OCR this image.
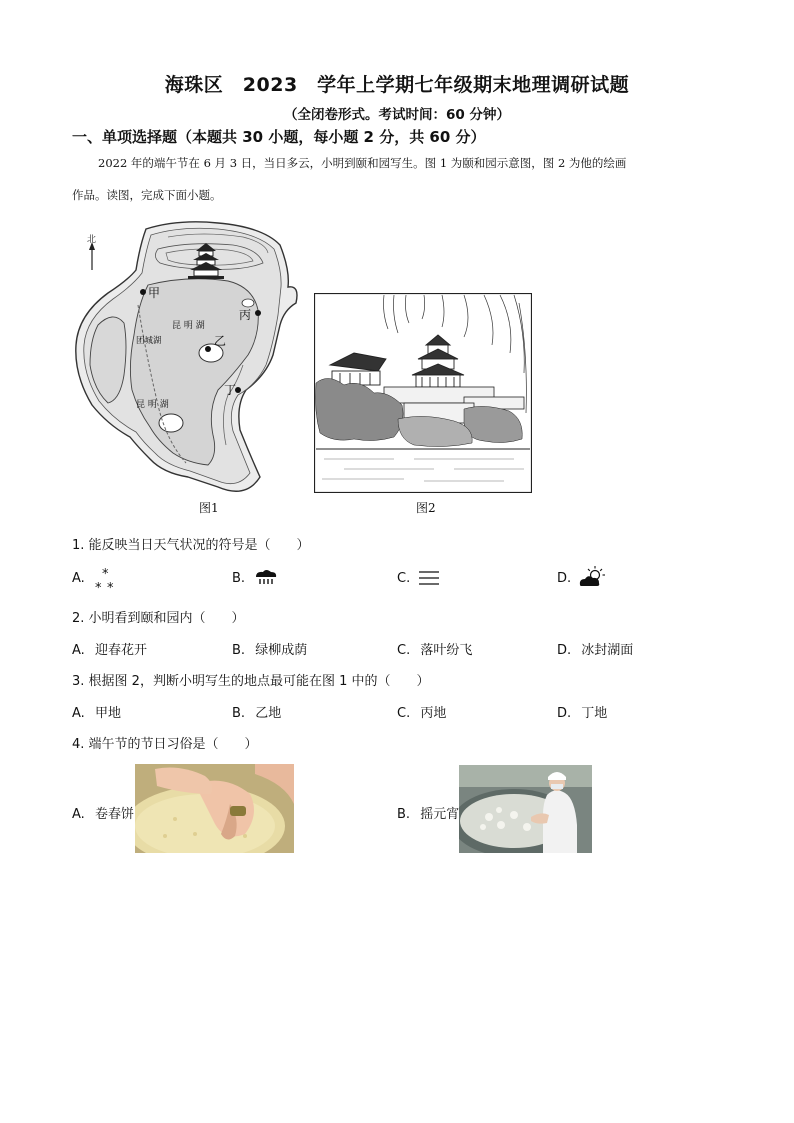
海珠区　2023　学年上学期七年级期末地理调研试题
（全闭卷形式。考试时间：60 分钟）
一、单项选择题（本题共 30 小题，每小题 2 分，共 60 分）
2022 年的端午节在 6 月 3 日，当日多云，小明到颐和园写生。图 1 为颐和园示意图，图 2 为他的绘画
作品。读图，完成下面小题。
北
甲
丙
乙
丁
昆 明 湖
团城湖
昆 明 湖
图1	图2
1. 能反映当日天气状况的符号是（　　）
A. *
* *
B.	C.	D.
2. 小明看到颐和园内（　　）
A. 迎春花开	B. 绿柳成荫	C. 落叶纷飞	D. 冰封湖面
3. 根据图 2，判断小明写生的地点最可能在图 1 中的（　　）
A. 甲地	B. 乙地	C. 丙地	D. 丁地
4. 端午节的节日习俗是（　　）
A. 卷春饼	B. 摇元宵
